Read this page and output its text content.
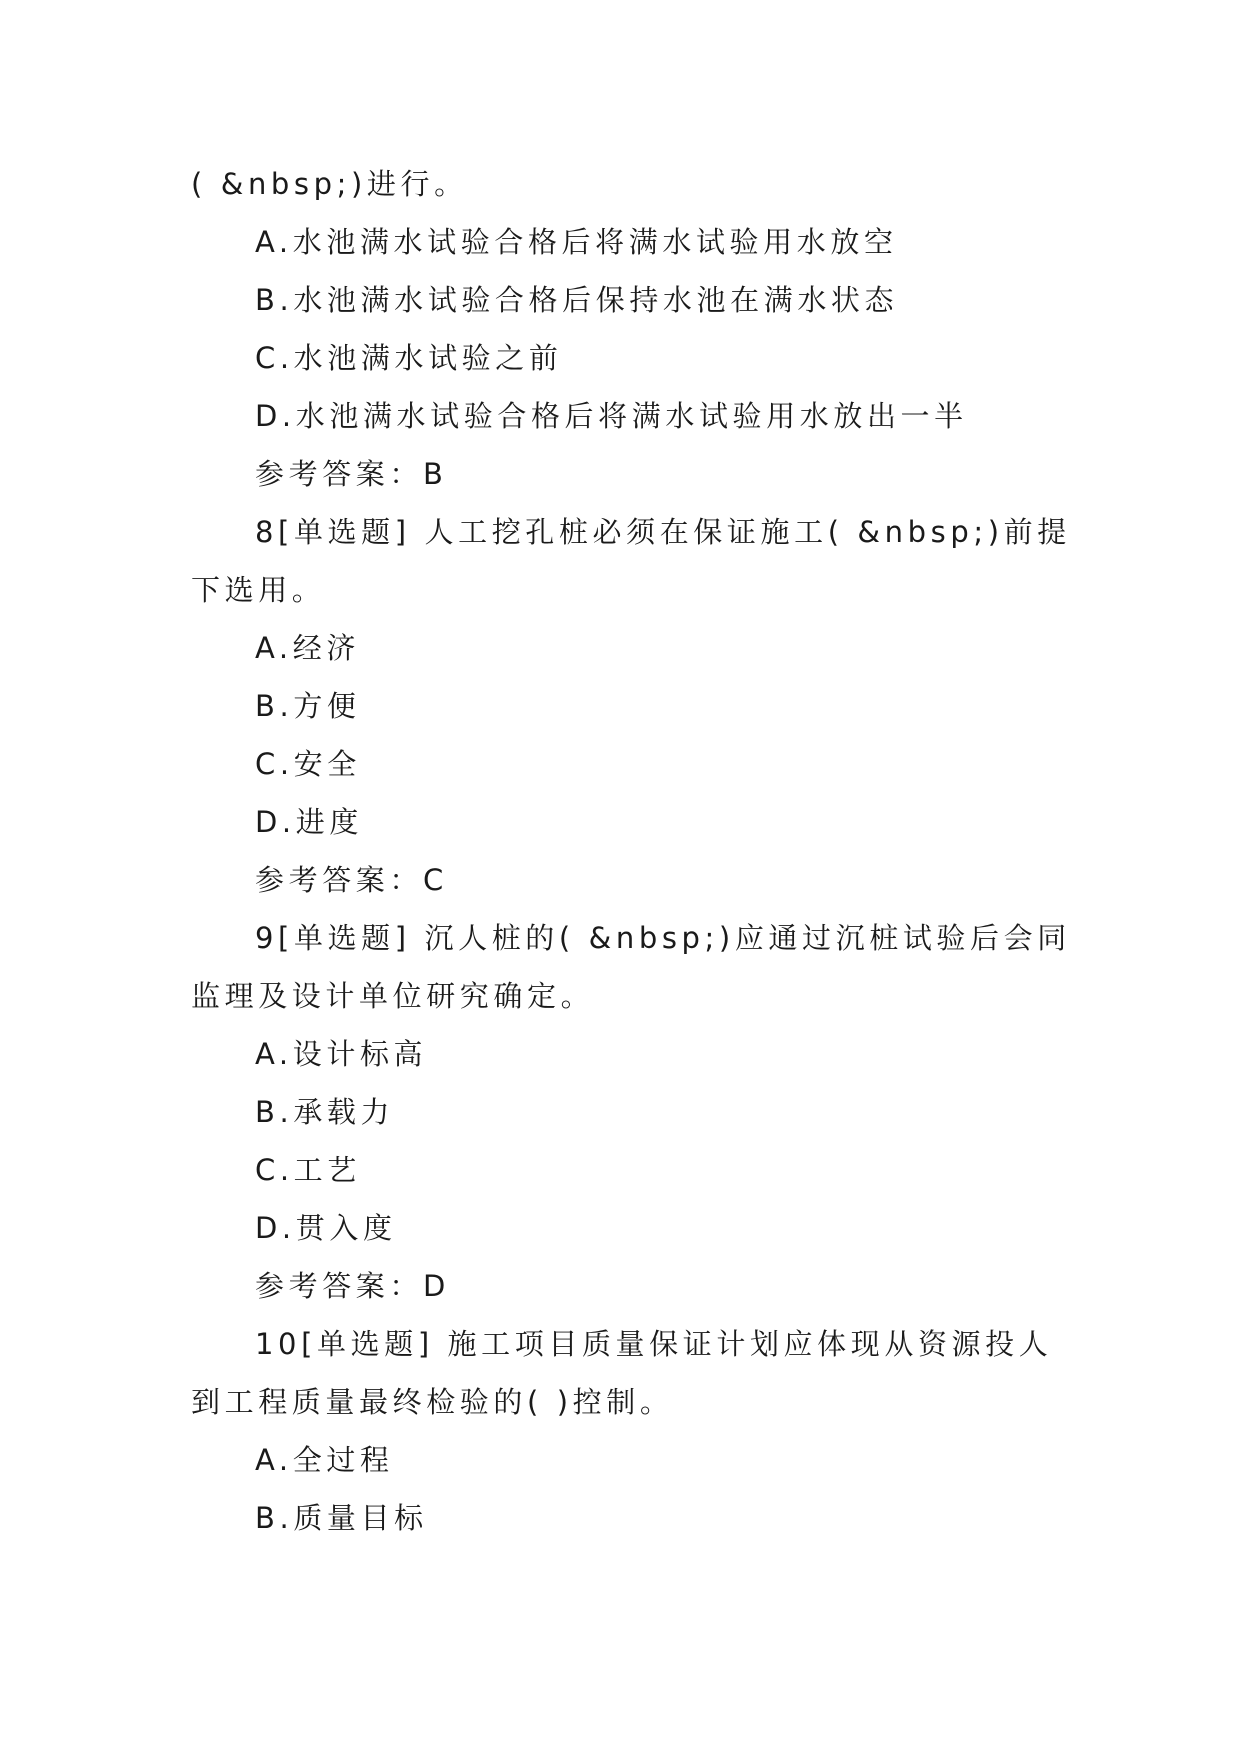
( &nbsp;)进行。
A.水池满水试验合格后将满水试验用水放空
B.水池满水试验合格后保持水池在满水状态
C.水池满水试验之前
D.水池满水试验合格后将满水试验用水放出一半
参考答案：B
8[单选题] 人工挖孔桩必须在保证施工( &nbsp;)前提
下选用。
A.经济
B.方便
C.安全
D.进度
参考答案：C
9[单选题] 沉人桩的( &nbsp;)应通过沉桩试验后会同
监理及设计单位研究确定。
A.设计标高
B.承载力
C.工艺
D.贯入度
参考答案：D
10[单选题] 施工项目质量保证计划应体现从资源投人
到工程质量最终检验的( )控制。
A.全过程
B.质量目标
